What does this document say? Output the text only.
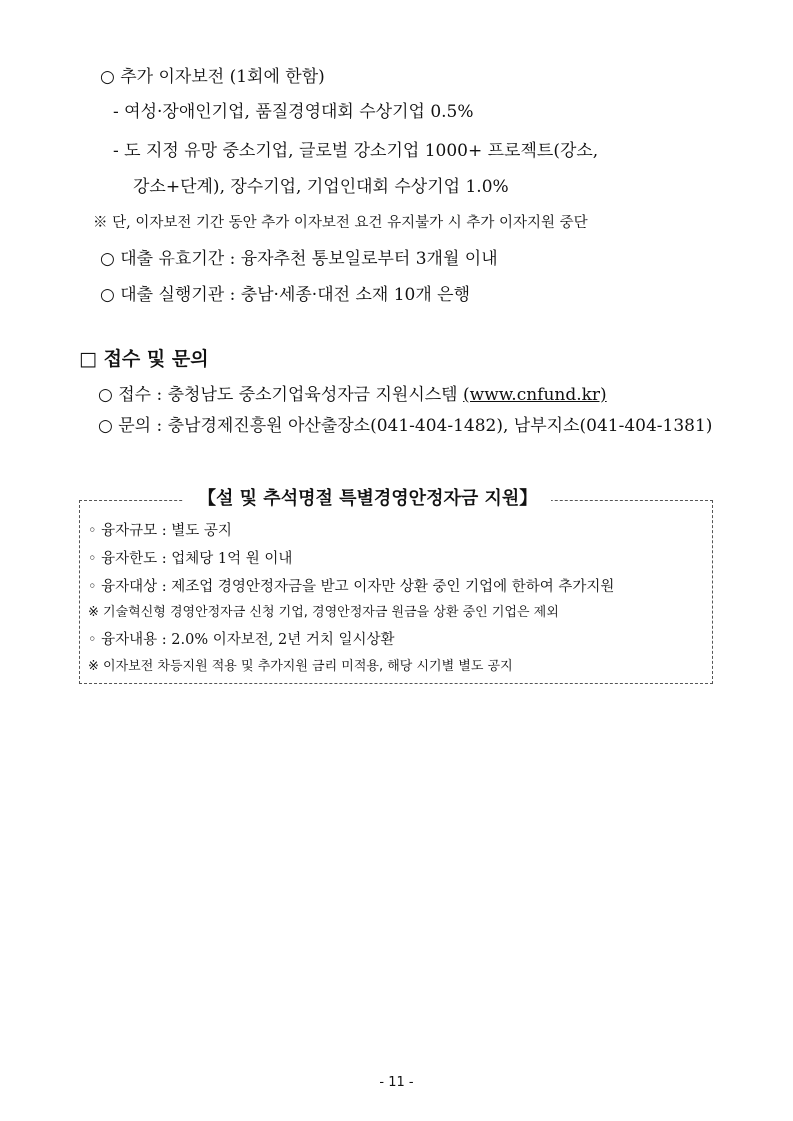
○ 추가 이자보전 (1회에 한함)
- 여성·장애인기업, 품질경영대회 수상기업 0.5%
- 도 지정 유망 중소기업, 글로벌 강소기업 1000+ 프로젝트(강소,
강소+단계), 장수기업, 기업인대회 수상기업 1.0%
※ 단, 이자보전 기간 동안 추가 이자보전 요건 유지불가 시 추가 이자지원 중단
○ 대출 유효기간 : 융자추천 통보일로부터 3개월 이내
○ 대출 실행기관 : 충남·세종·대전 소재 10개 은행
□ 접수 및 문의
○ 접수 : 충청남도 중소기업육성자금 지원시스템 (www.cnfund.kr)
○ 문의 : 충남경제진흥원 아산출장소(041-404-1482), 남부지소(041-404-1381)
【설 및 추석명절 특별경영안정자금 지원】
◦ 융자규모 : 별도 공지
◦ 융자한도 : 업체당 1억 원 이내
◦ 융자대상 : 제조업 경영안정자금을 받고 이자만 상환 중인 기업에 한하여 추가지원
※ 기술혁신형 경영안정자금 신청 기업, 경영안정자금 원금을 상환 중인 기업은 제외
◦ 융자내용 : 2.0% 이자보전, 2년 거치 일시상환
※ 이자보전 차등지원 적용 및 추가지원 금리 미적용, 해당 시기별 별도 공지
- 11 -
